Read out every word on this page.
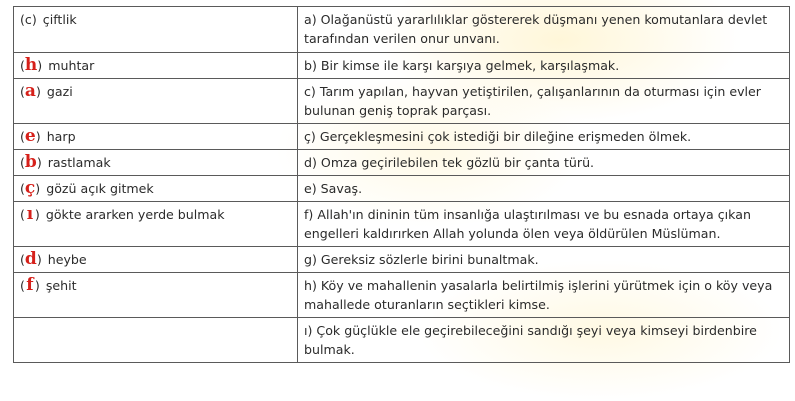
(c) çiftlik	a) Olağanüstü yararlılıklar göstererek düşmanı yenen komutanlara devlet tarafından verilen onur unvanı.
(h) muhtar	b) Bir kimse ile karşı karşıya gelmek, karşılaşmak.
(a) gazi	c) Tarım yapılan, hayvan yetiştirilen, çalışanlarının da oturması için evler bulunan geniş toprak parçası.
(e) harp	ç) Gerçekleşmesini çok istediği bir dileğine erişmeden ölmek.
(b) rastlamak	d) Omza geçirilebilen tek gözlü bir çanta türü.
(ç) gözü açık gitmek	e) Savaş.
( ı ) gökte ararken yerde bulmak	f) Allah'ın dininin tüm insanlığa ulaştırılması ve bu esnada ortaya çıkan engelleri kaldırırken Allah yolunda ölen veya öldürülen Müslüman.
(d) heybe	g) Gereksiz sözlerle birini bunaltmak.
(f) şehit	h) Köy ve mahallenin yasalarla belirtilmiş işlerini yürütmek için o köy veya mahallede oturanların seçtikleri kimse.
	ı) Çok güçlükle ele geçirebileceğini sandığı şeyi veya kimseyi birdenbire bulmak.
